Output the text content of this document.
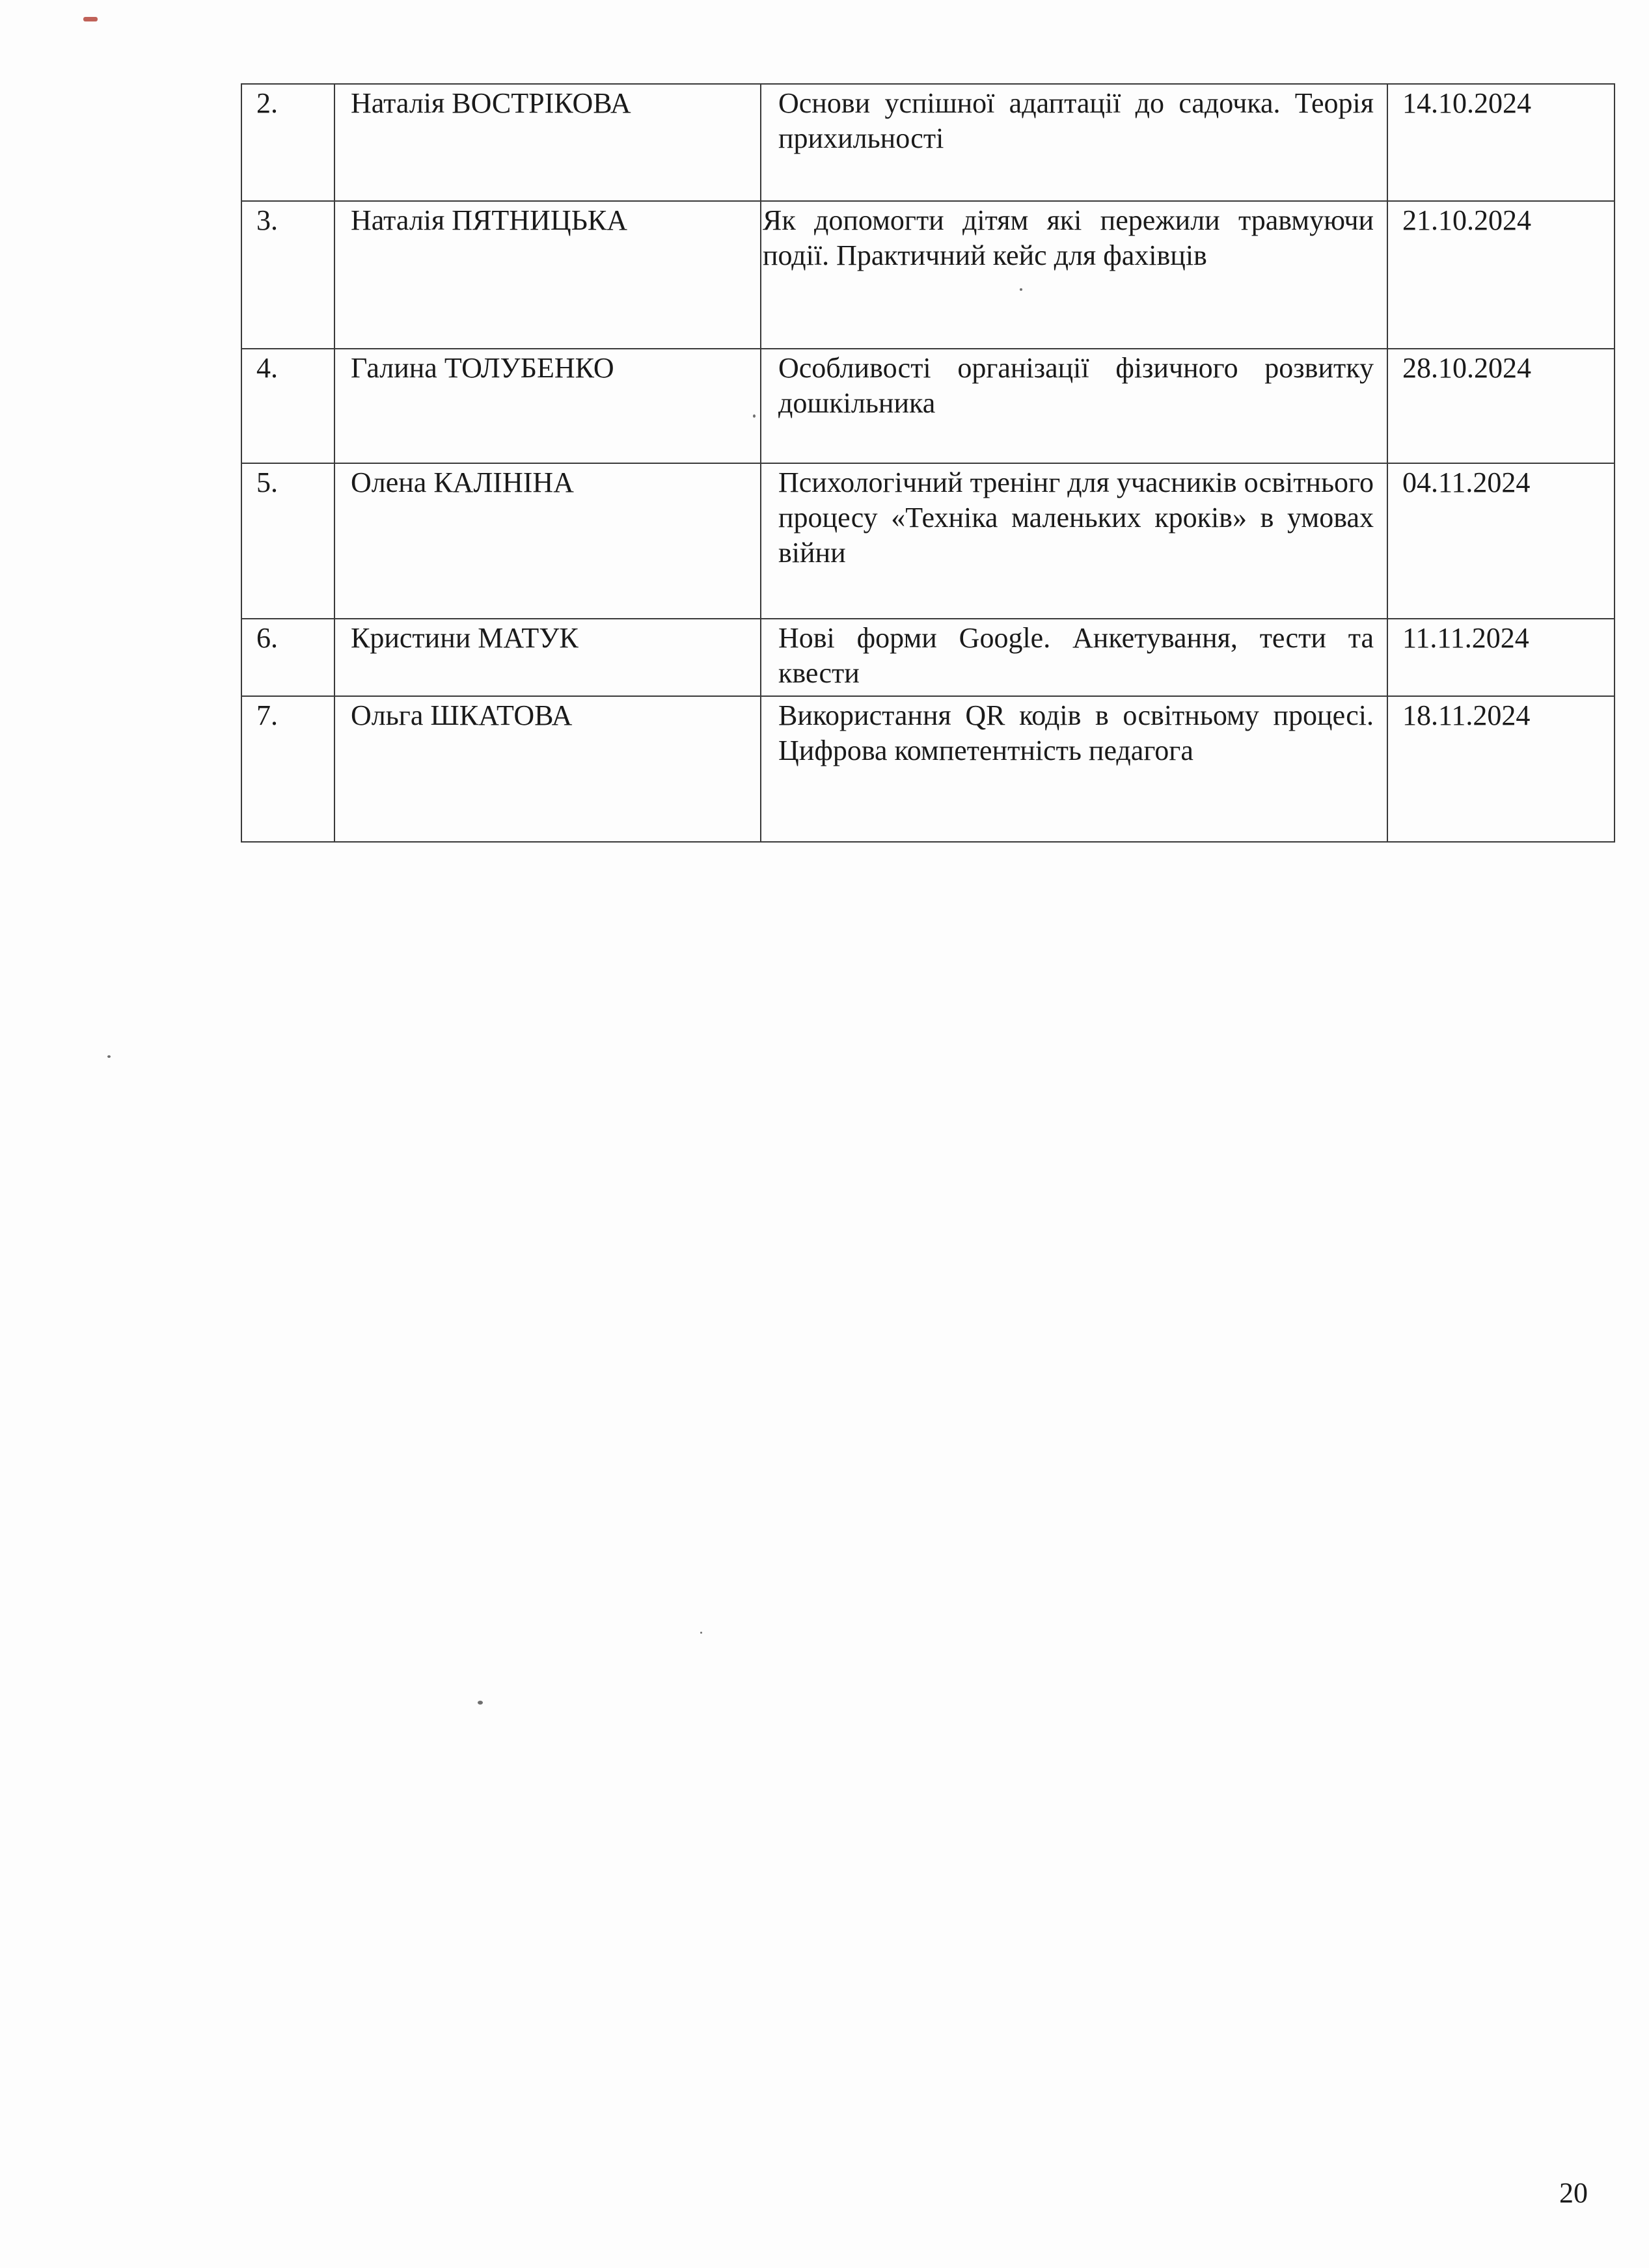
2.	Наталія ВОСТРІКОВА	Основи успішної адаптації до садочка. Теорія прихильності	14.10.2024
3.	Наталія ПЯТНИЦЬКА	Як допомогти дітям які пережили травмуючи події. Практичний кейс для фахівців	21.10.2024
4.	Галина ТОЛУБЕНКО	Особливості організації фізичного розвитку дошкільника	28.10.2024
5.	Олена КАЛІНІНА	Психологічний тренінг для учасників освітнього процесу «Техніка маленьких кроків» в умовах війни	04.11.2024
6.	Кристини МАТУК	Нові форми Google. Анкетування, тести та квести	11.11.2024
7.	Ольга ШКАТОВА	Використання QR кодів в освітньому процесі. Цифрова компетентність педагога	18.11.2024
20
